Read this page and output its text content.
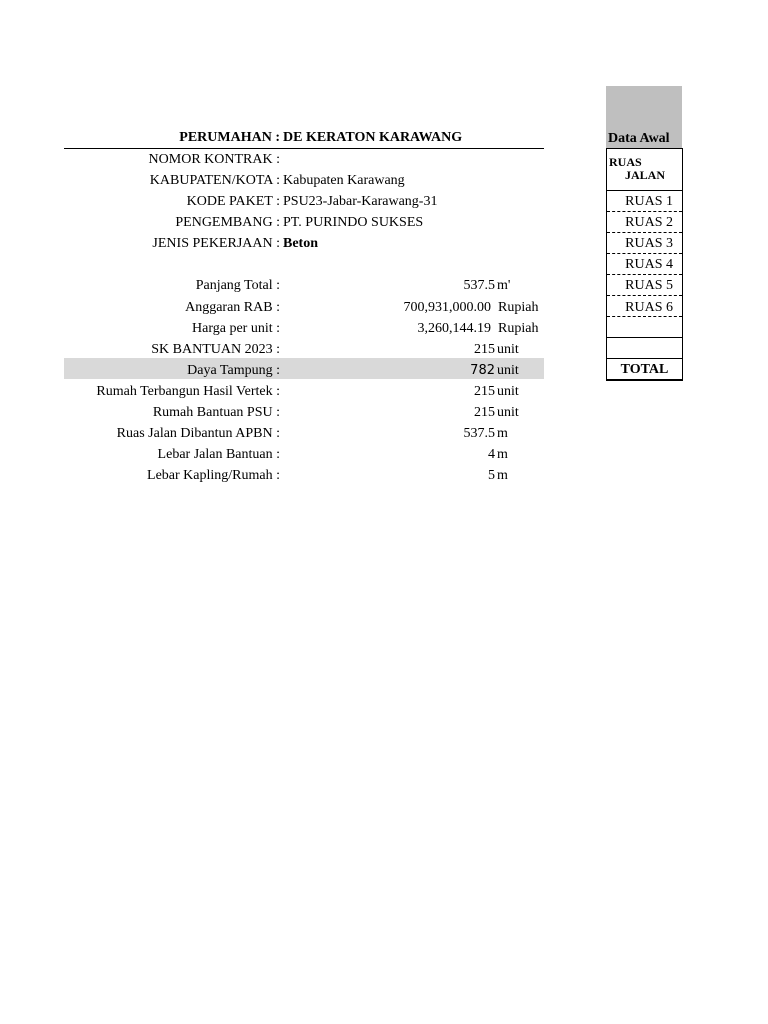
PERUMAHAN : DE KERATON KARAWANG
NOMOR KONTRAK :
KABUPATEN/KOTA : Kabupaten Karawang
KODE PAKET : PSU23-Jabar-Karawang-31
PENGEMBANG : PT. PURINDO SUKSES
JENIS PEKERJAAN : Beton
Panjang Total :	537.5 m'
Anggaran RAB :	700,931,000.00 Rupiah
Harga per unit :	3,260,144.19 Rupiah
SK BANTUAN 2023 :	215 unit
Daya Tampung :	782 unit
Rumah Terbangun Hasil Vertek :	215 unit
Rumah Bantuan PSU :	215 unit
Ruas Jalan Dibantun APBN :	537.5 m
Lebar Jalan Bantuan :	4 m
Lebar Kapling/Rumah :	5 m
Data Awal
RUAS
JALAN
RUAS 1
RUAS 2
RUAS 3
RUAS 4
RUAS 5
RUAS 6
TOTAL
